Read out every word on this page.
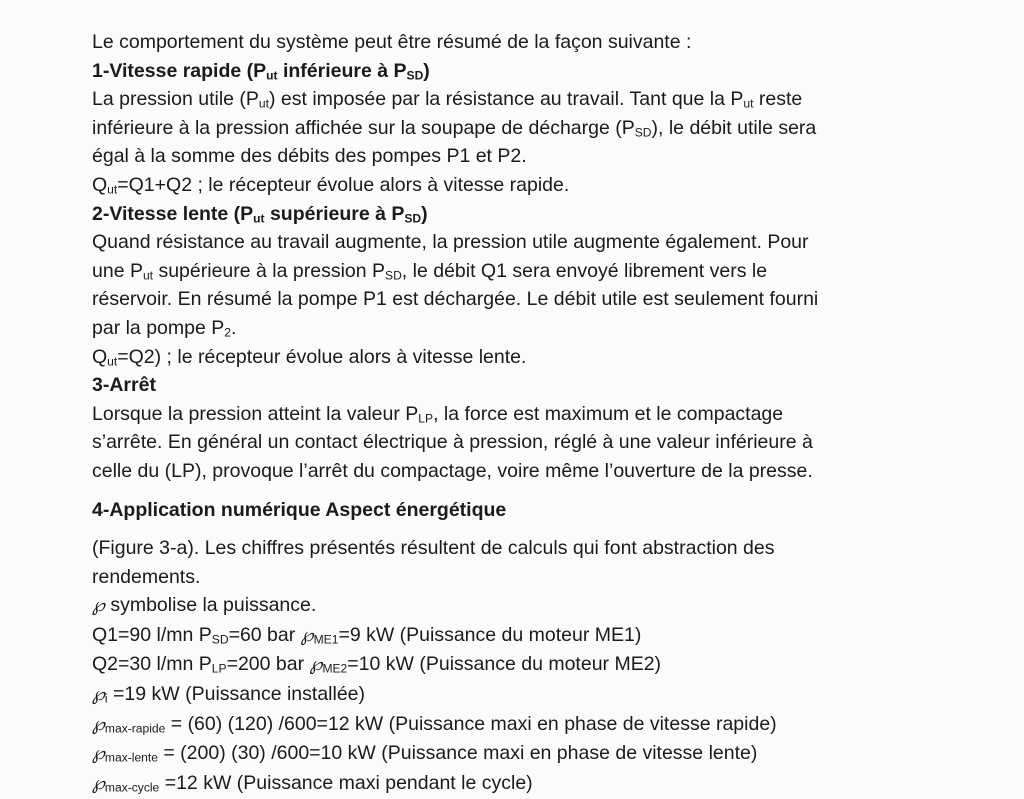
Le comportement du système peut être résumé de la façon suivante :
1-Vitesse rapide ($P_{ut}$ inférieure à $P_{SD}$)
La pression utile $(P_{ut})$ est imposée par la résistance au travail. Tant que la $P_{ut}$ reste
inférieure à la pression affichée sur la soupape de décharge $(P_{SD})$, le débit utile sera
égal à la somme des débits des pompes P1 et P2.
$Q_{ut}=Q1+Q2$ ; le récepteur évolue alors à vitesse rapide.
2-Vitesse lente ($P_{ut}$ supérieure à $P_{SD}$)
Quand résistance au travail augmente, la pression utile augmente également. Pour
une $P_{ut}$ supérieure à la pression $P_{SD}$, le débit Q1 sera envoyé librement vers le
réservoir. En résumé la pompe P1 est déchargée. Le débit utile est seulement fourni
par la pompe $P_2$.
$Q_{ut}=Q2$) ; le récepteur évolue alors à vitesse lente.
3-Arrêt
Lorsque la pression atteint la valeur $P_{LP}$, la force est maximum et le compactage
s’arrête. En général un contact électrique à pression, réglé à une valeur inférieure à
celle du (LP), provoque l’arrêt du compactage, voire même l’ouverture de la presse.
4-Application numérique Aspect énergétique
(Figure 3-a). Les chiffres présentés résultent de calculs qui font abstraction des
rendements.
℘ symbolise la puissance.
Q1=90 l/mn $P_{SD}=60$ bar $℘_{ME1}=9$ kW (Puissance du moteur ME1)
Q2=30 l/mn $P_{LP}=200$ bar $℘_{ME2}=10$ kW (Puissance du moteur ME2)
$℘_i =19$ kW (Puissance installée)
$℘_{max-rapide} = (60)$ (120) /600=12 kW (Puissance maxi en phase de vitesse rapide)
$℘_{max-lente} = (200)$ (30) /600=10 kW (Puissance maxi en phase de vitesse lente)
$℘_{max-cycle} =12$ kW (Puissance maxi pendant le cycle)
